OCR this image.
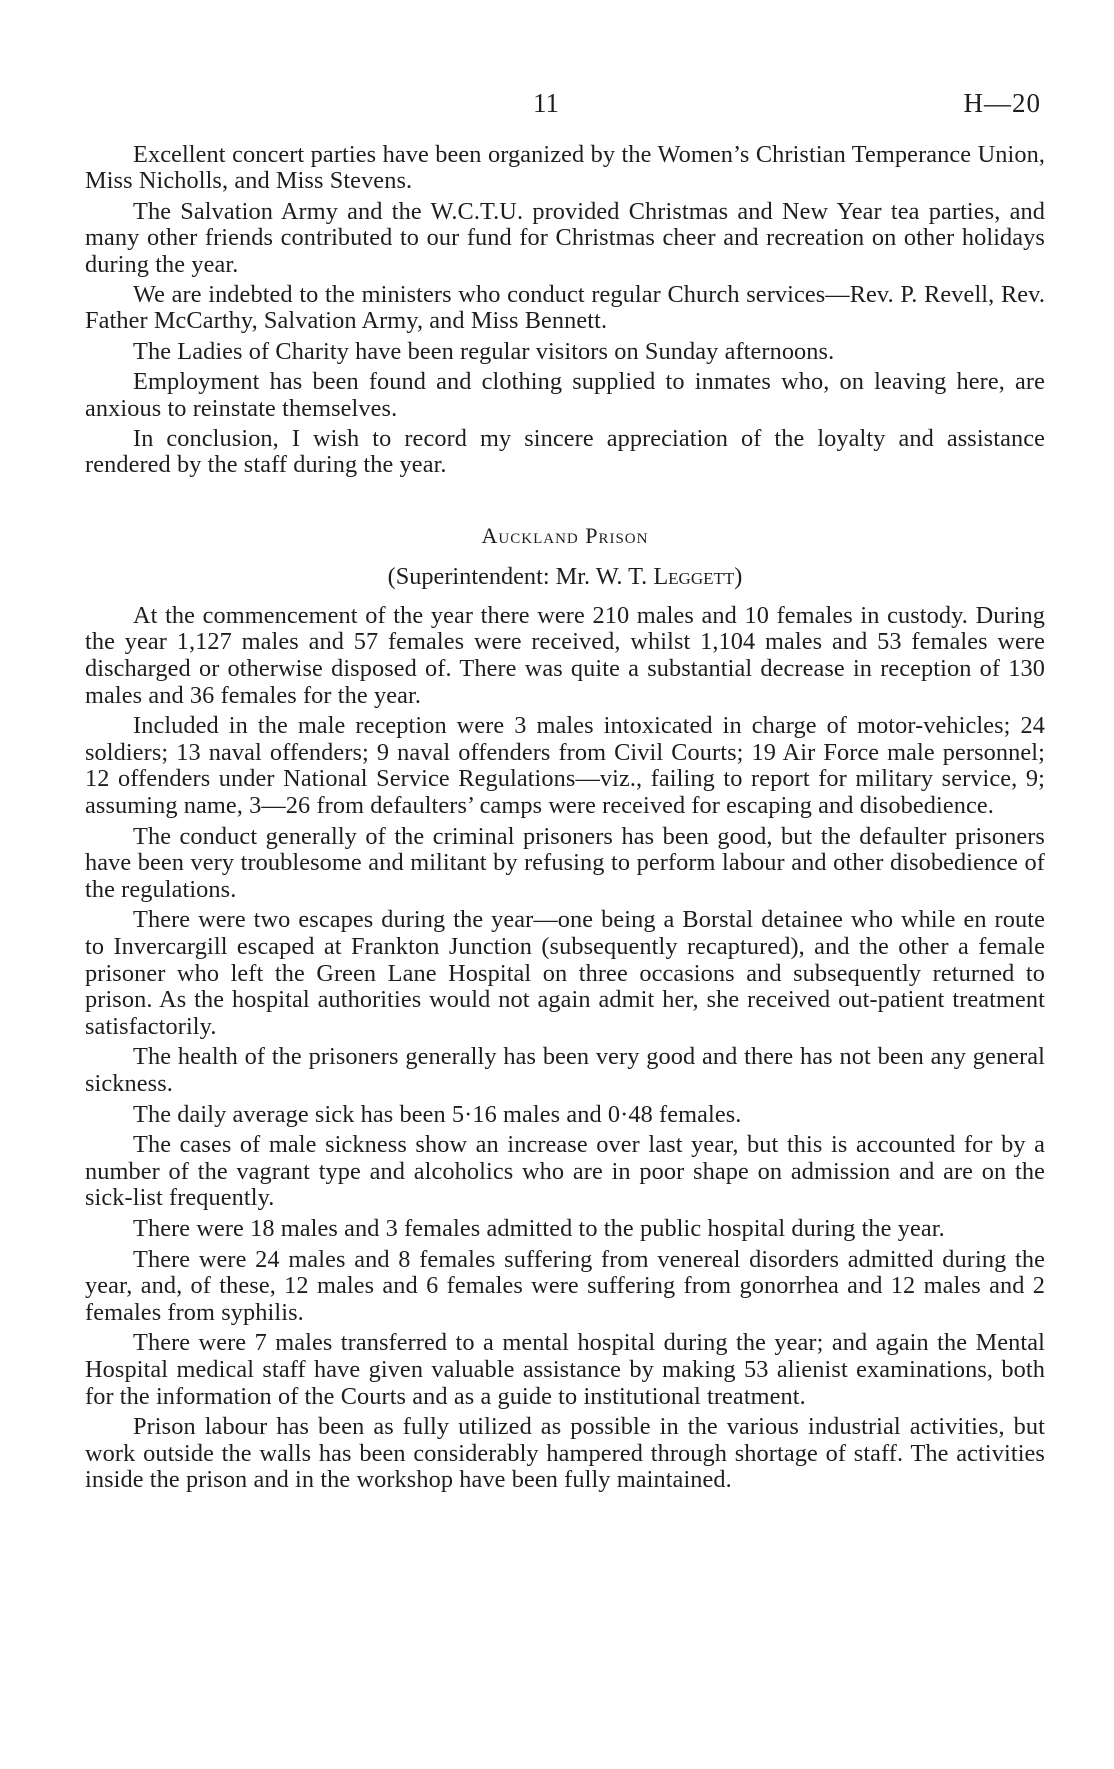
11	H—20

Excellent concert parties have been organized by the Women’s Christian Temperance Union, Miss Nicholls, and Miss Stevens.

The Salvation Army and the W.C.T.U. provided Christmas and New Year tea parties, and many other friends contributed to our fund for Christmas cheer and recreation on other holidays during the year.

We are indebted to the ministers who conduct regular Church services—Rev. P. Revell, Rev. Father McCarthy, Salvation Army, and Miss Bennett.

The Ladies of Charity have been regular visitors on Sunday afternoons.

Employment has been found and clothing supplied to inmates who, on leaving here, are anxious to reinstate themselves.

In conclusion, I wish to record my sincere appreciation of the loyalty and assistance rendered by the staff during the year.

Auckland Prison
(Superintendent: Mr. W. T. Leggett)

At the commencement of the year there were 210 males and 10 females in custody. During the year 1,127 males and 57 females were received, whilst 1,104 males and 53 females were discharged or otherwise disposed of. There was quite a substantial decrease in reception of 130 males and 36 females for the year.

Included in the male reception were 3 males intoxicated in charge of motor-vehicles; 24 soldiers; 13 naval offenders; 9 naval offenders from Civil Courts; 19 Air Force male personnel; 12 offenders under National Service Regulations—viz., failing to report for military service, 9; assuming name, 3—26 from defaulters’ camps were received for escaping and disobedience.

The conduct generally of the criminal prisoners has been good, but the defaulter prisoners have been very troublesome and militant by refusing to perform labour and other disobedience of the regulations.

There were two escapes during the year—one being a Borstal detainee who while en route to Invercargill escaped at Frankton Junction (subsequently recaptured), and the other a female prisoner who left the Green Lane Hospital on three occasions and subsequently returned to prison. As the hospital authorities would not again admit her, she received out-patient treatment satisfactorily.

The health of the prisoners generally has been very good and there has not been any general sickness.

The daily average sick has been 5·16 males and 0·48 females.

The cases of male sickness show an increase over last year, but this is accounted for by a number of the vagrant type and alcoholics who are in poor shape on admission and are on the sick-list frequently.

There were 18 males and 3 females admitted to the public hospital during the year.

There were 24 males and 8 females suffering from venereal disorders admitted during the year, and, of these, 12 males and 6 females were suffering from gonorrhea and 12 males and 2 females from syphilis.

There were 7 males transferred to a mental hospital during the year; and again the Mental Hospital medical staff have given valuable assistance by making 53 alienist examinations, both for the information of the Courts and as a guide to institutional treatment.

Prison labour has been as fully utilized as possible in the various industrial activities, but work outside the walls has been considerably hampered through shortage of staff. The activities inside the prison and in the workshop have been fully maintained.
